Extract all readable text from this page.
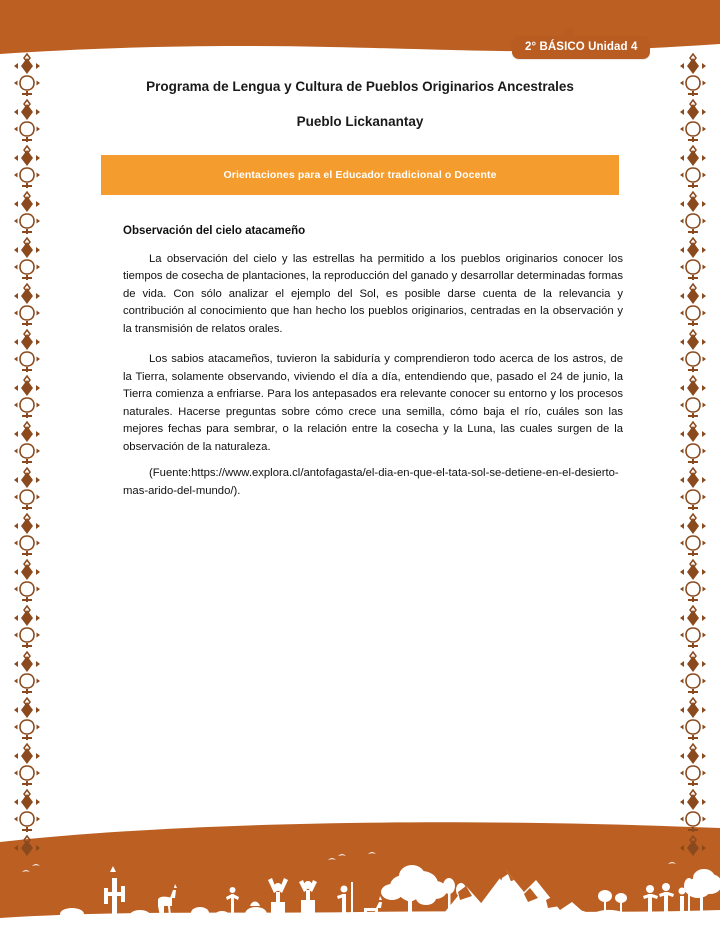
2° BÁSICO Unidad 4
Programa de Lengua y Cultura de Pueblos Originarios Ancestrales
Pueblo Lickanantay
Orientaciones para el Educador tradicional o Docente
Observación del cielo atacameño

La observación del cielo y las estrellas ha permitido a los pueblos originarios conocer los tiempos de cosecha de plantaciones, la reproducción del ganado y desarrollar determinadas formas de vida. Con sólo analizar el ejemplo del Sol, es posible darse cuenta de la relevancia y contribución al conocimiento que han hecho los pueblos originarios, centradas en la observación y la transmisión de relatos orales.

Los sabios atacameños, tuvieron la sabiduría y comprendieron todo acerca de los astros, de la Tierra, solamente observando, viviendo el día a día, entendiendo que, pasado el 24 de junio, la Tierra comienza a enfriarse. Para los antepasados era relevante conocer su entorno y los procesos naturales. Hacerse preguntas sobre cómo crece una semilla, cómo baja el río, cuáles son las mejores fechas para sembrar, o la relación entre la cosecha y la Luna, las cuales surgen de la observación de la naturaleza.

(Fuente:https://www.explora.cl/antofagasta/el-dia-en-que-el-tata-sol-se-detiene-en-el-desierto-mas-arido-del-mundo/).
